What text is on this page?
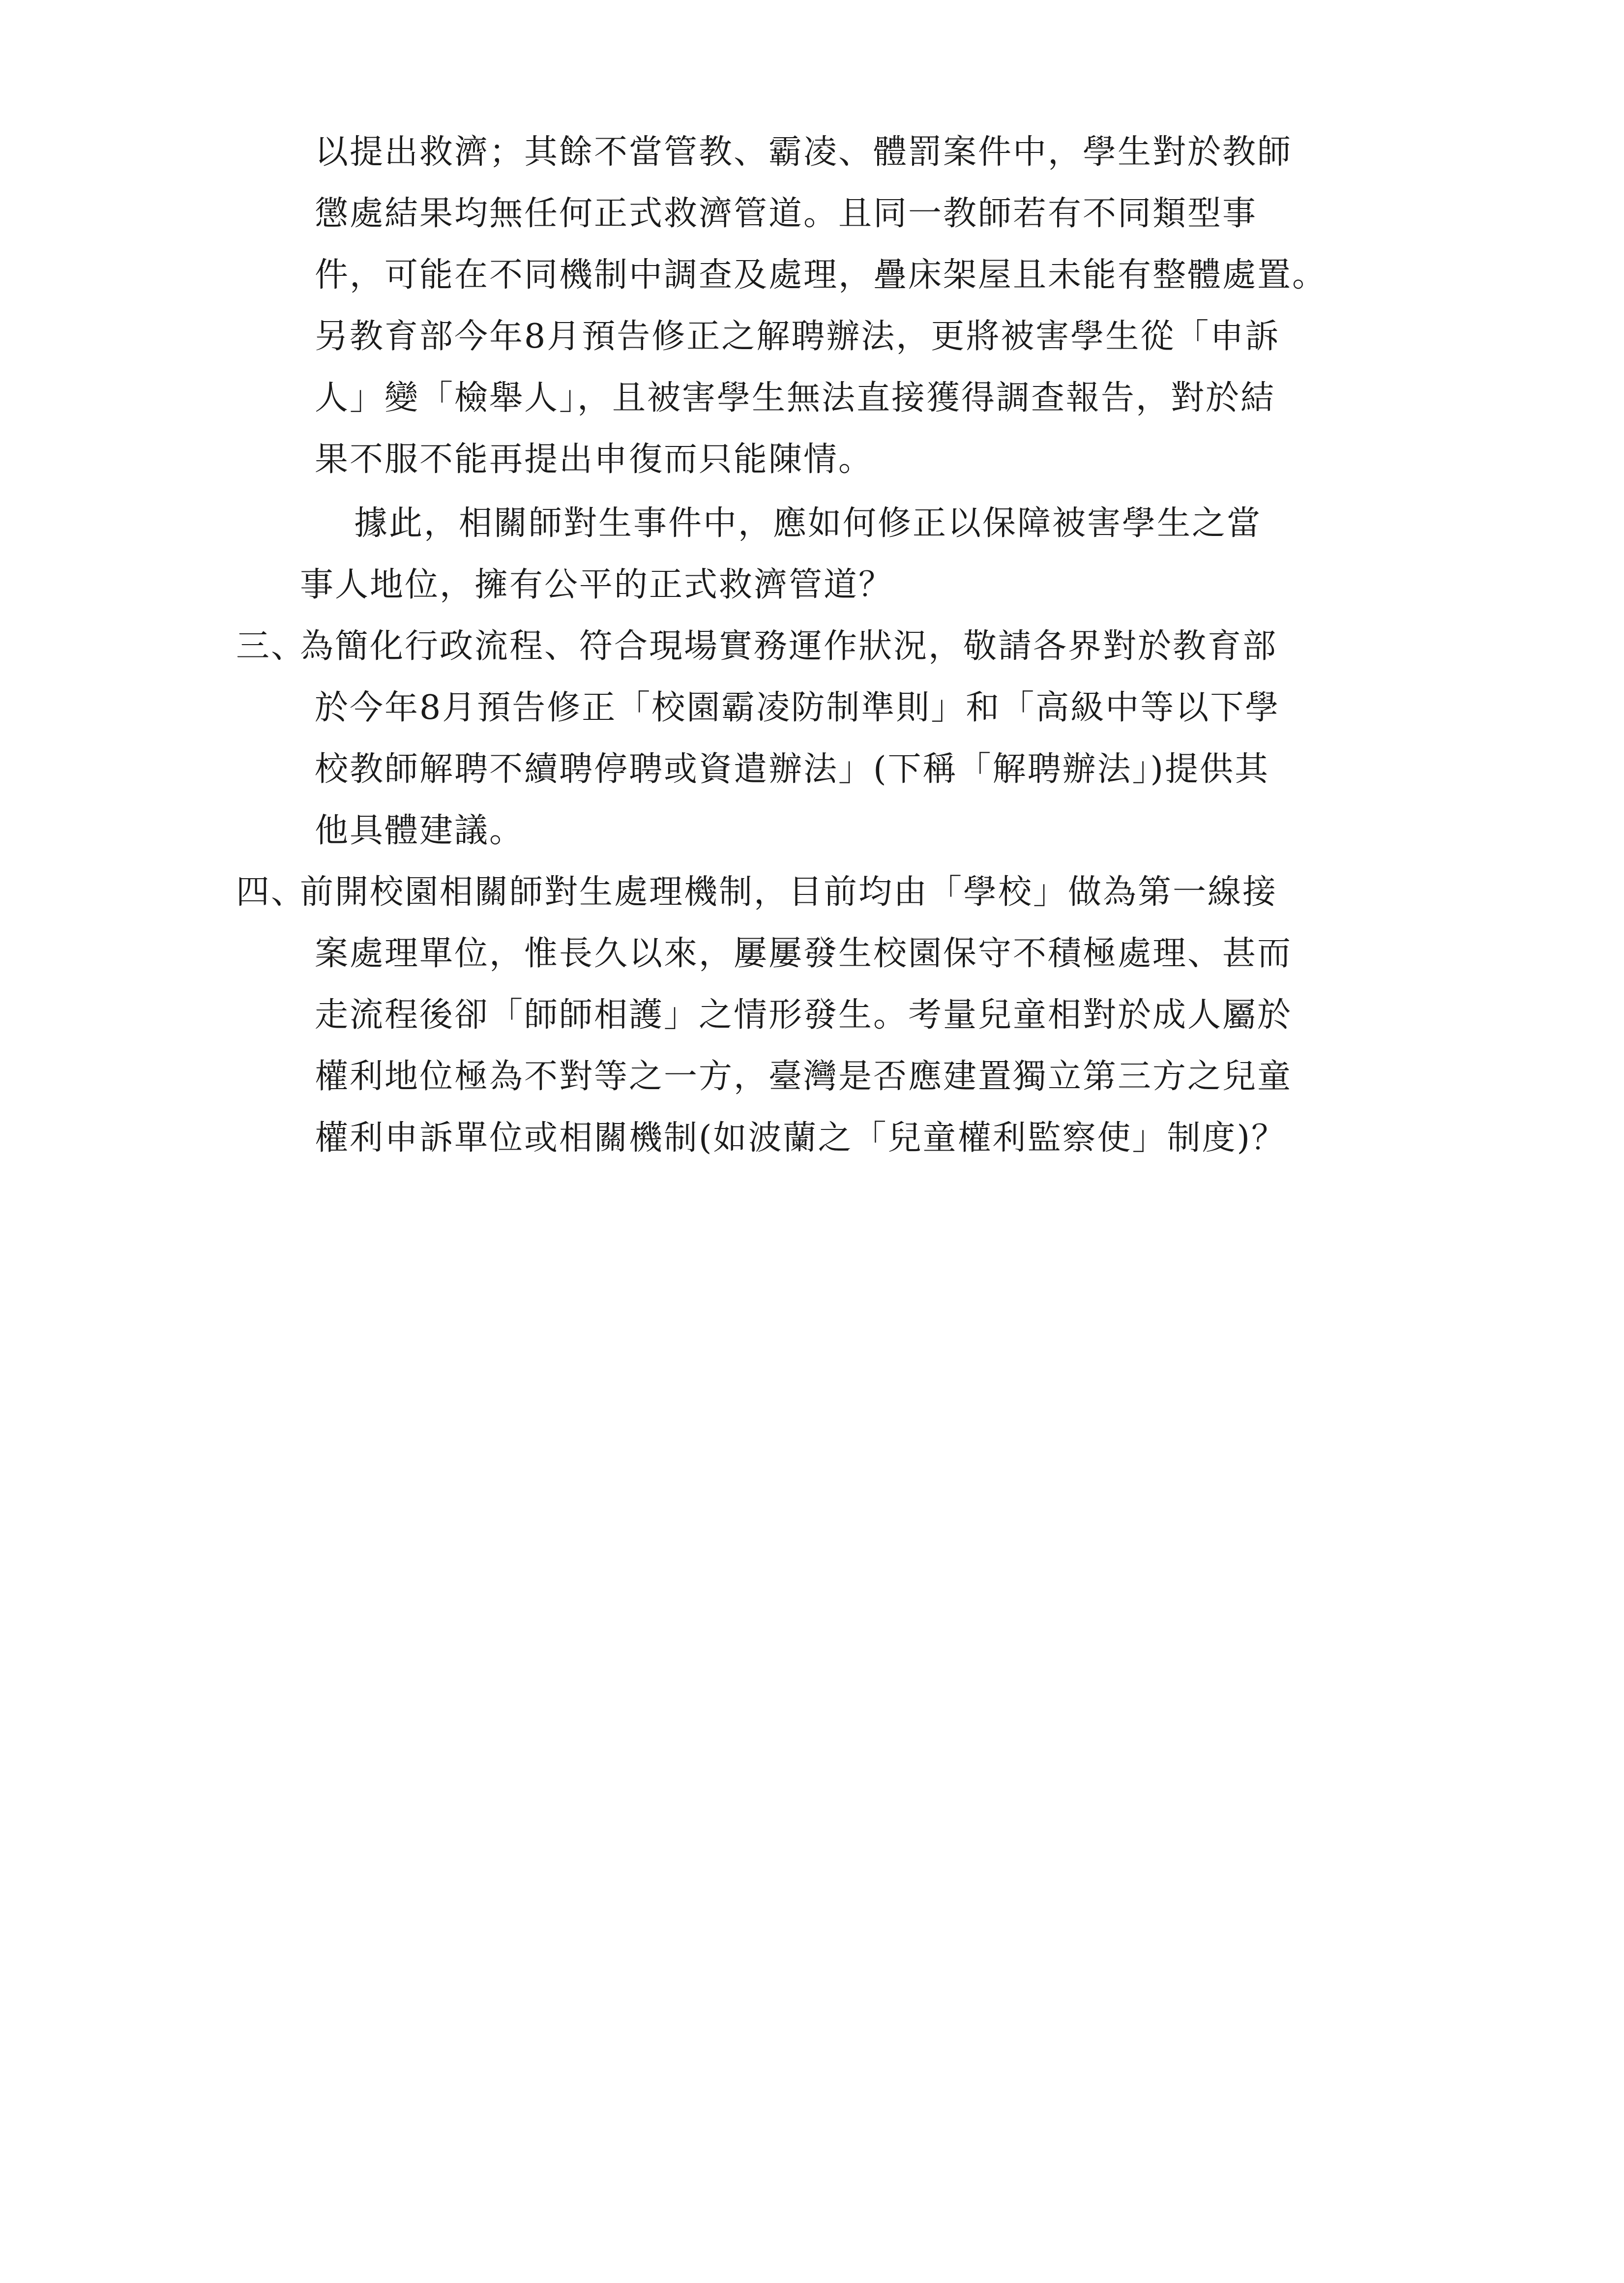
以提出救濟；其餘不當管教、霸凌、體罰案件中，學生對於教師
懲處結果均無任何正式救濟管道。且同一教師若有不同類型事
件，可能在不同機制中調查及處理，疊床架屋且未能有整體處置。
另教育部今年8月預告修正之解聘辦法，更將被害學生從「申訴
人」變「檢舉人」，且被害學生無法直接獲得調查報告，對於結
果不服不能再提出申復而只能陳情。
據此，相關師對生事件中，應如何修正以保障被害學生之當
事人地位，擁有公平的正式救濟管道？
三、
為簡化行政流程、符合現場實務運作狀況，敬請各界對於教育部
於今年8月預告修正「校園霸凌防制準則」和「高級中等以下學
校教師解聘不續聘停聘或資遣辦法」(下稱「解聘辦法」)提供其
他具體建議。
四、
前開校園相關師對生處理機制，目前均由「學校」做為第一線接
案處理單位，惟長久以來，屢屢發生校園保守不積極處理、甚而
走流程後卻「師師相護」之情形發生。考量兒童相對於成人屬於
權利地位極為不對等之一方，臺灣是否應建置獨立第三方之兒童
權利申訴單位或相關機制(如波蘭之「兒童權利監察使」制度)？
